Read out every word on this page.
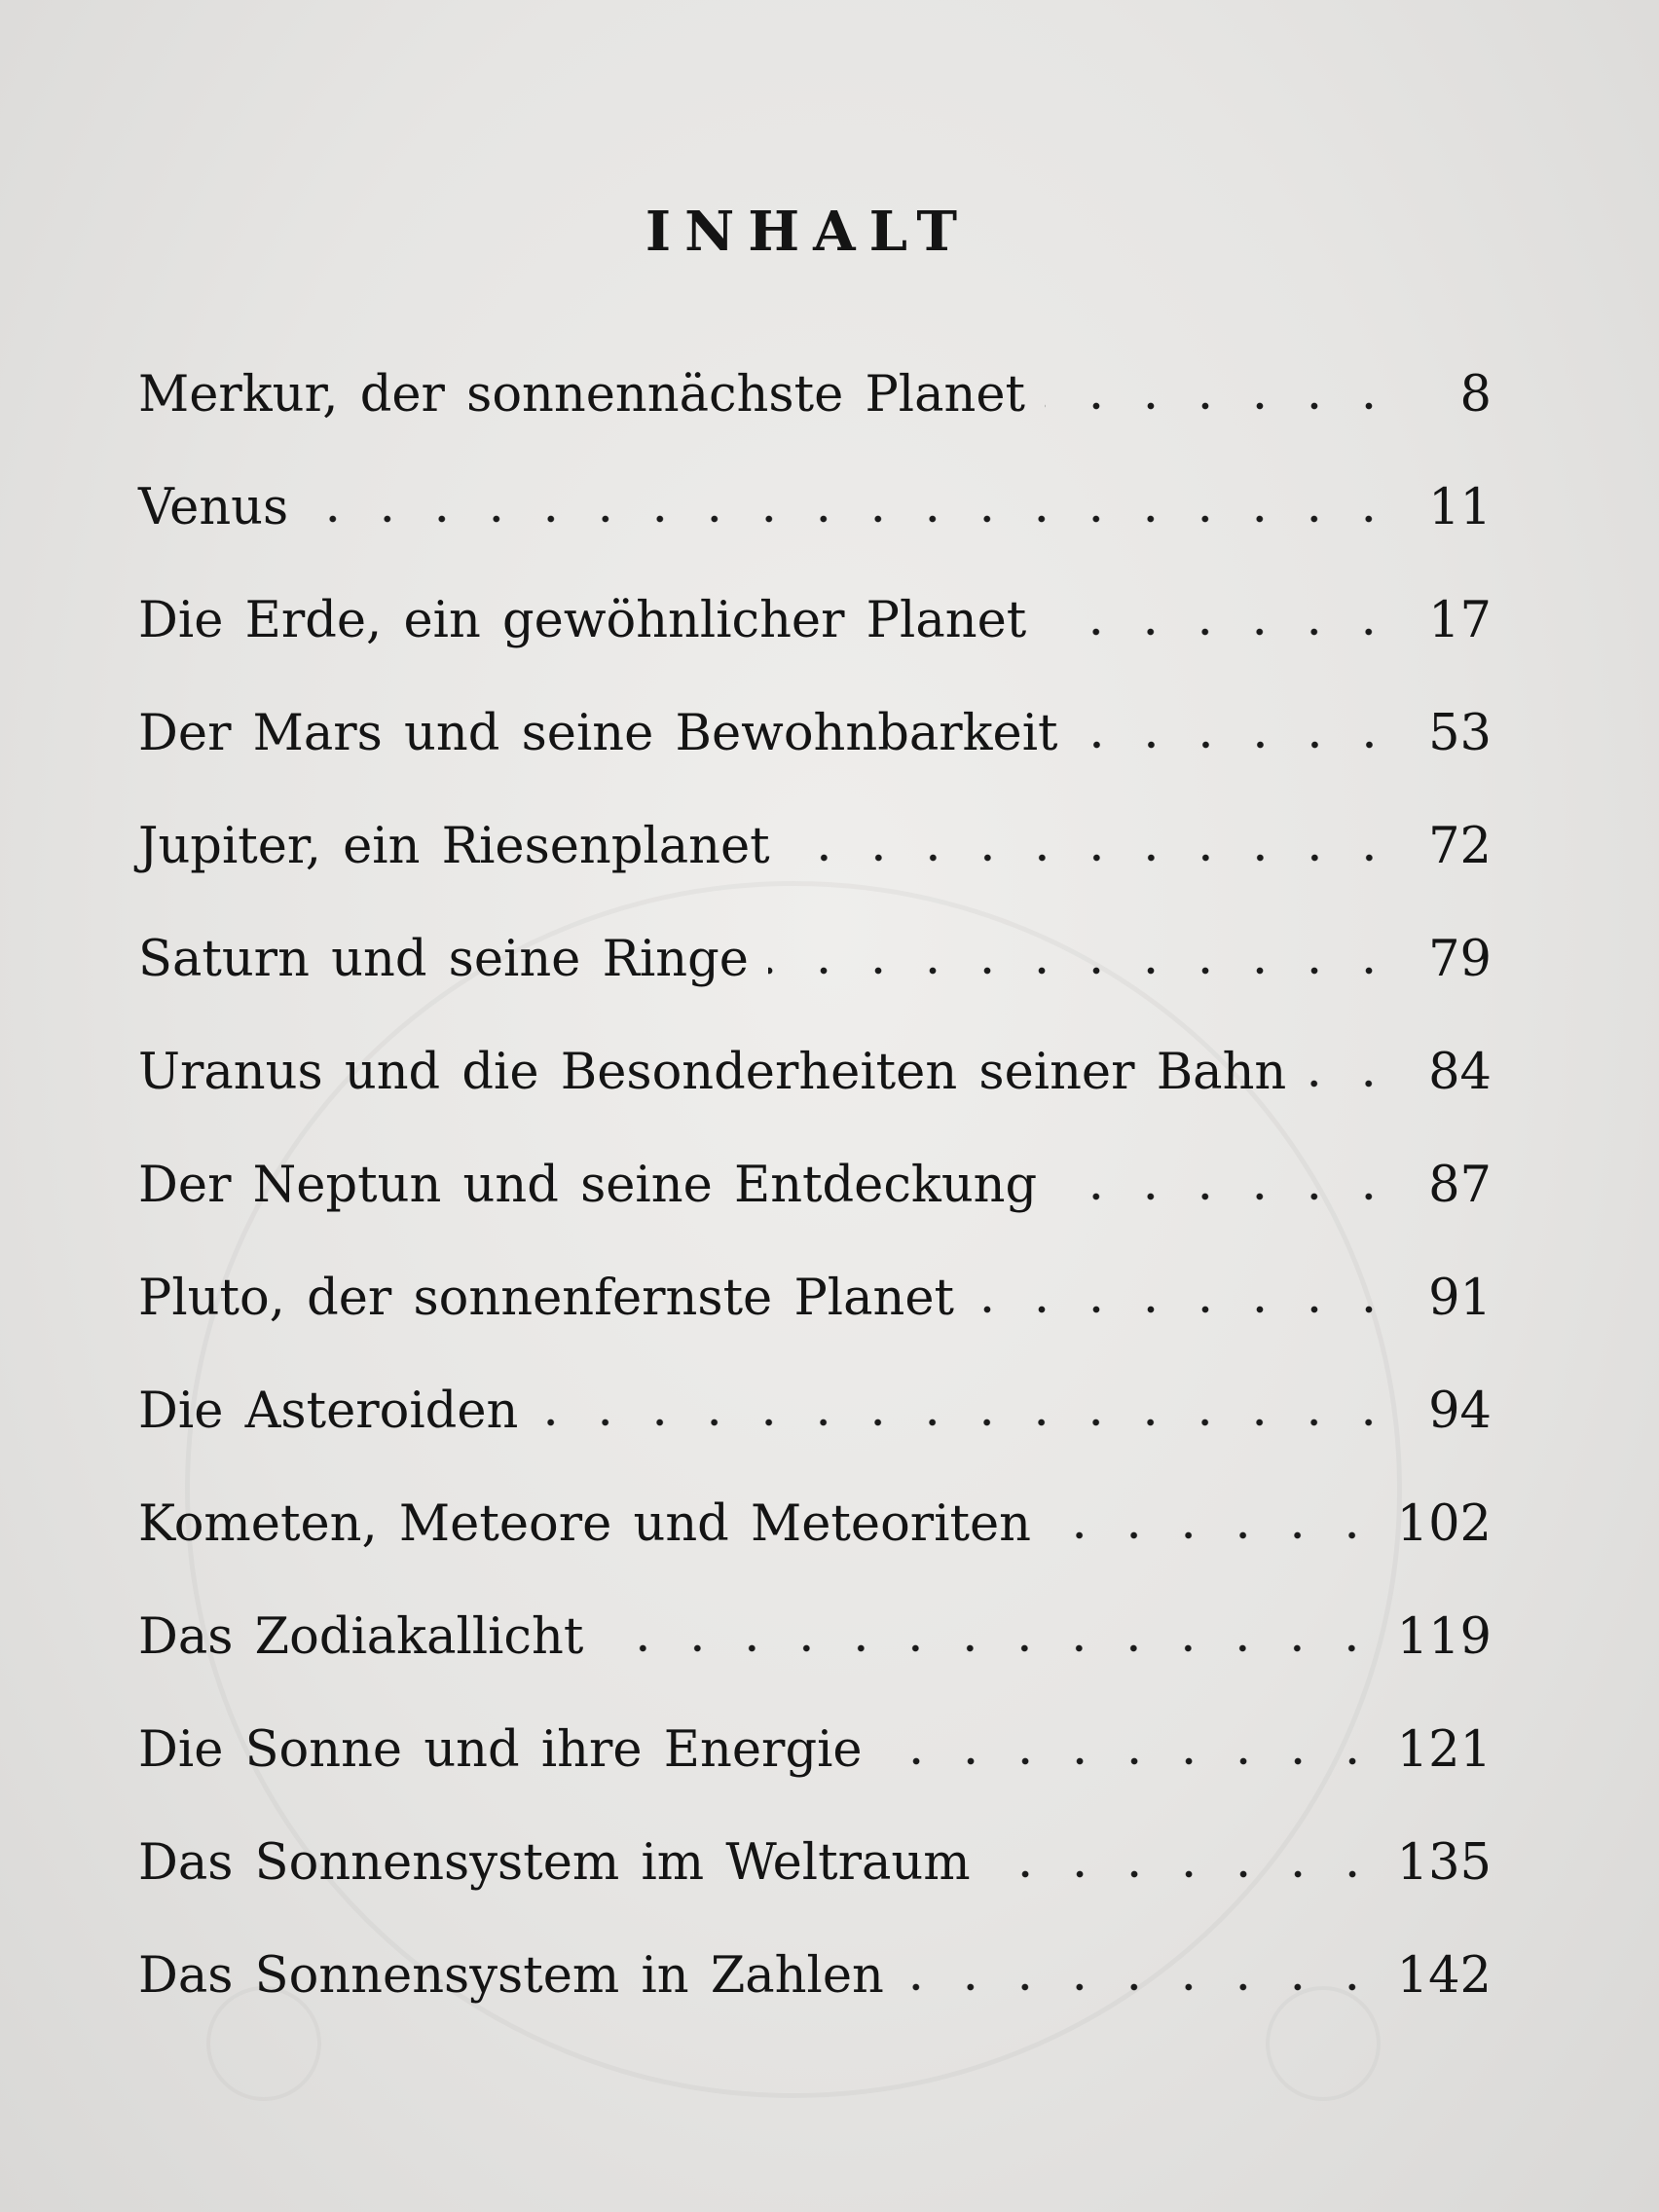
INHALT
Merkur, der sonnennächste Planet	8
Venus	11
Die Erde, ein gewöhnlicher Planet	17
Der Mars und seine Bewohnbarkeit	53
Jupiter, ein Riesenplanet	72
Saturn und seine Ringe	79
Uranus und die Besonderheiten seiner Bahn	84
Der Neptun und seine Entdeckung	87
Pluto, der sonnenfernste Planet	91
Die Asteroiden	94
Kometen, Meteore und Meteoriten	102
Das Zodiakallicht	119
Die Sonne und ihre Energie	121
Das Sonnensystem im Weltraum	135
Das Sonnensystem in Zahlen	142
